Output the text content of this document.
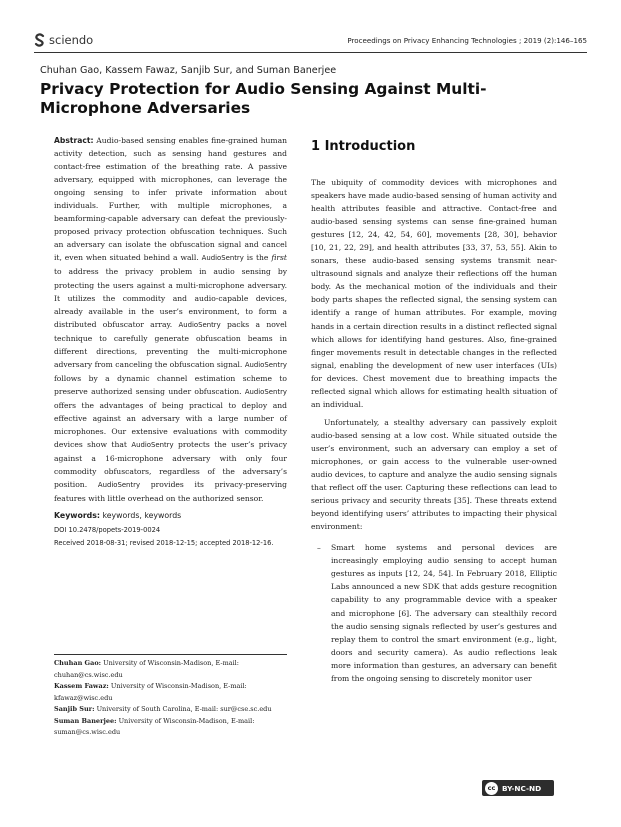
sciendo	Proceedings on Privacy Enhancing Technologies ; 2019 (2):146–165
Chuhan Gao, Kassem Fawaz, Sanjib Sur, and Suman Banerjee
Privacy Protection for Audio Sensing Against Multi-Microphone Adversaries
Abstract: Audio-based sensing enables fine-grained human activity detection, such as sensing hand gestures and contact-free estimation of the breathing rate. A passive adversary, equipped with microphones, can leverage the ongoing sensing to infer private information about individuals. Further, with multiple microphones, a beamforming-capable adversary can defeat the previously-proposed privacy protection obfuscation techniques. Such an adversary can isolate the obfuscation signal and cancel it, even when situated behind a wall. AudioSentry is the first to address the privacy problem in audio sensing by protecting the users against a multi-microphone adversary. It utilizes the commodity and audio-capable devices, already available in the user’s environment, to form a distributed obfuscator array. AudioSentry packs a novel technique to carefully generate obfuscation beams in different directions, preventing the multi-microphone adversary from canceling the obfuscation signal. AudioSentry follows by a dynamic channel estimation scheme to preserve authorized sensing under obfuscation. AudioSentry offers the advantages of being practical to deploy and effective against an adversary with a large number of microphones. Our extensive evaluations with commodity devices show that AudioSentry protects the user’s privacy against a 16-microphone adversary with only four commodity obfuscators, regardless of the adversary’s position. AudioSentry provides its privacy-preserving features with little overhead on the authorized sensor.
Keywords: keywords, keywords
DOI 10.2478/popets-2019-0024
Received 2018-08-31; revised 2018-12-15; accepted 2018-12-16.
Chuhan Gao: University of Wisconsin-Madison, E-mail: chuhan@cs.wisc.edu
Kassem Fawaz: University of Wisconsin-Madison, E-mail: kfawaz@wisc.edu
Sanjib Sur: University of South Carolina, E-mail: sur@cse.sc.edu
Suman Banerjee: University of Wisconsin-Madison, E-mail: suman@cs.wisc.edu
1 Introduction

The ubiquity of commodity devices with microphones and speakers have made audio-based sensing of human activity and health attributes feasible and attractive. Contact-free and audio-based sensing systems can sense fine-grained human gestures [12, 24, 42, 54, 60], movements [28, 30], behavior [10, 21, 22, 29], and health attributes [33, 37, 53, 55]. Akin to sonars, these audio-based sensing systems transmit near-ultrasound signals and analyze their reflections off the human body. As the mechanical motion of the individuals and their body parts shapes the reflected signal, the sensing system can identify a range of human attributes. For example, moving hands in a certain direction results in a distinct reflected signal which allows for identifying hand gestures. Also, fine-grained finger movements result in detectable changes in the reflected signal, enabling the development of new user interfaces (UIs) for devices. Chest movement due to breathing impacts the reflected signal which allows for estimating health situation of an individual.

Unfortunately, a stealthy adversary can passively exploit audio-based sensing at a low cost. While situated outside the user’s environment, such an adversary can employ a set of microphones, or gain access to the vulnerable user-owned audio devices, to capture and analyze the audio sensing signals that reflect off the user. Capturing these reflections can lead to serious privacy and security threats [35]. These threats extend beyond identifying users’ attributes to impacting their physical environment:

– Smart home systems and personal devices are increasingly employing audio sensing to accept human gestures as inputs [12, 24, 54]. In February 2018, Elliptic Labs announced a new SDK that adds gesture recognition capability to any programmable device with a speaker and microphone [6]. The adversary can stealthily record the audio sensing signals reflected by user’s gestures and replay them to control the smart environment (e.g., light, doors and security camera). As audio reflections leak more information than gestures, an adversary can benefit from the ongoing sensing to discretely monitor user
cc BY-NC-ND
